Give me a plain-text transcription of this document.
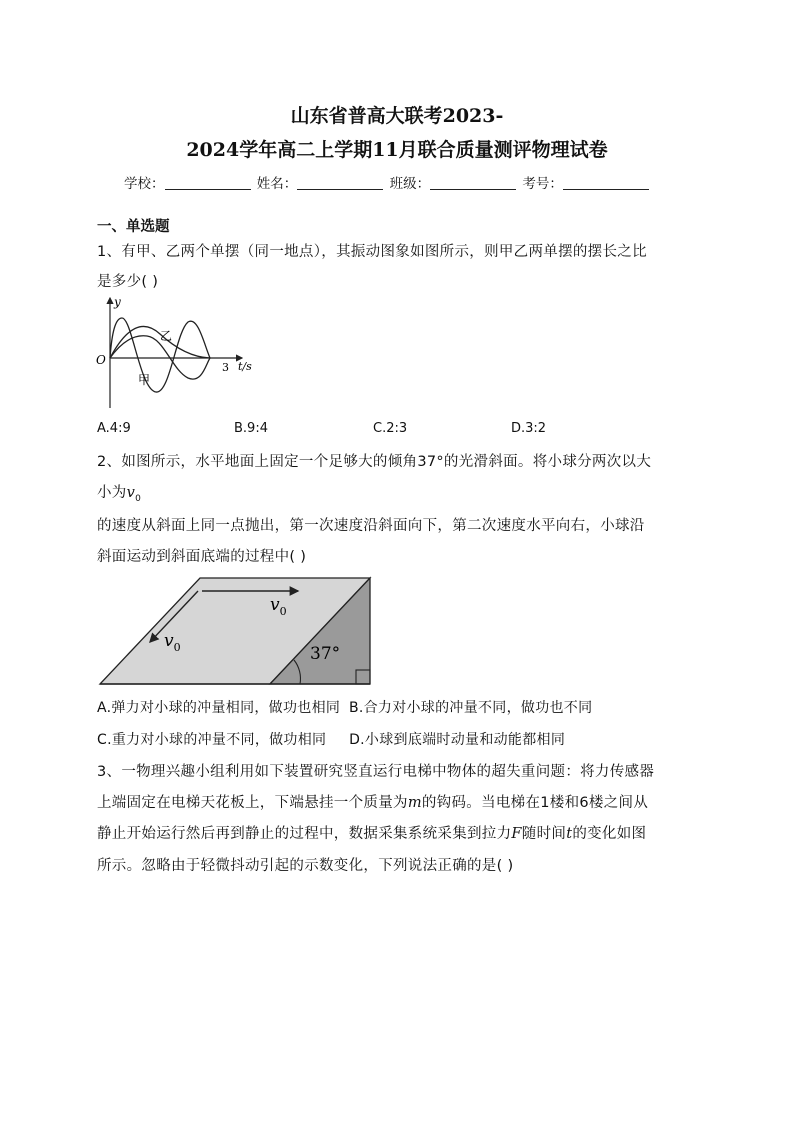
山东省普高大联考2023-
2024学年高二上学期11月联合质量测评物理试卷
学校：	姓名：	班级：	考号：
一、单选题
1、有甲、乙两个单摆（同一地点），其振动图象如图所示，则甲乙两单摆的摆长之比
是多少( )
y
t/s
O
3
乙
甲
A.4:9	B.9:4	C.2:3	D.3:2
2、如图所示，水平地面上固定一个足够大的倾角37°的光滑斜面。将小球分两次以大
小为$v_0$
的速度从斜面上同一点抛出，第一次速度沿斜面向下，第二次速度水平向右，小球沿
斜面运动到斜面底端的过程中( )
37°
$v_0$
$v_0$
A.弹力对小球的冲量相同，做功也相同 B.合力对小球的冲量不同，做功也不同
C.重力对小球的冲量不同，做功相同 D.小球到底端时动量和动能都相同
3、一物理兴趣小组利用如下装置研究竖直运行电梯中物体的超失重问题：将力传感器
上端固定在电梯天花板上，下端悬挂一个质量为m的钩码。当电梯在1楼和6楼之间从
静止开始运行然后再到静止的过程中，数据采集系统采集到拉力F随时间t的变化如图
所示。忽略由于轻微抖动引起的示数变化，下列说法正确的是( )
